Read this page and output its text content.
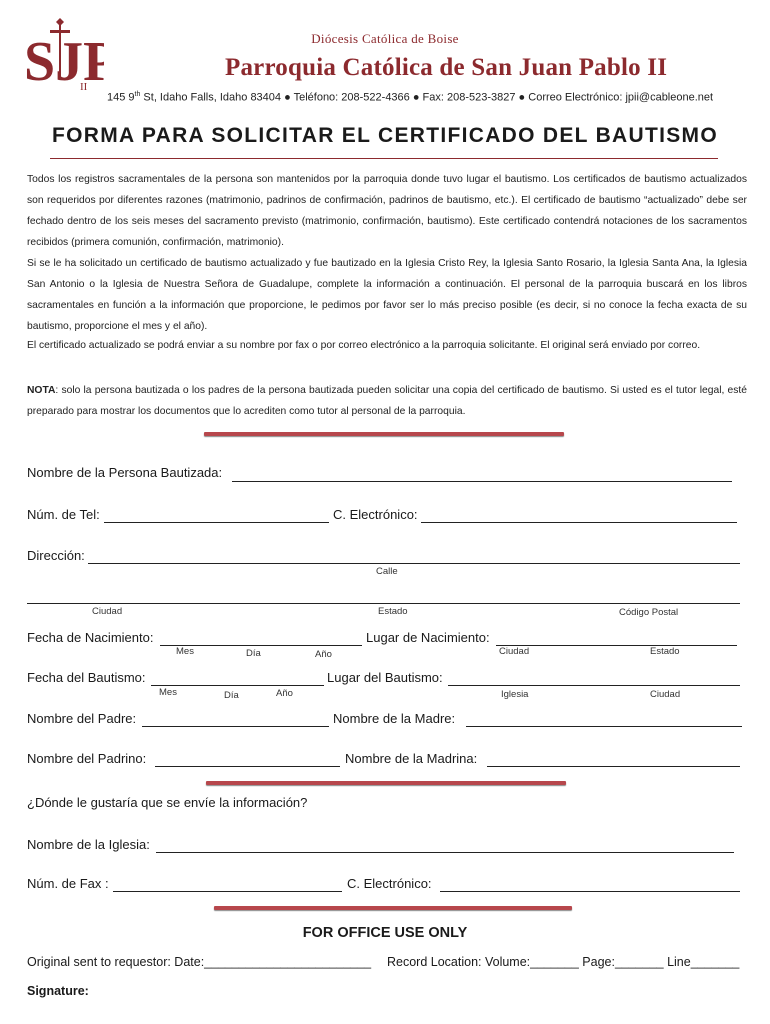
SJP
II
Diócesis Católica de Boise
Parroquia Católica de San Juan Pablo II
145 9th St, Idaho Falls, Idaho 83404 ● Teléfono: 208-522-4366 ● Fax: 208-523-3827 ● Correo Electrónico: jpii@cableone.net
FORMA PARA SOLICITAR EL CERTIFICADO DEL BAUTISMO
Todos los registros sacramentales de la persona son mantenidos por la parroquia donde tuvo lugar el bautismo. Los certificados de bautismo actualizados son requeridos por diferentes razones (matrimonio, padrinos de confirmación, padrinos de bautismo, etc.). El certificado de bautismo “actualizado” debe ser fechado dentro de los seis meses del sacramento previsto (matrimonio, confirmación, bautismo). Este certificado contendrá notaciones de los sacramentos recibidos (primera comunión, confirmación, matrimonio).
Si se le ha solicitado un certificado de bautismo actualizado y fue bautizado en la Iglesia Cristo Rey, la Iglesia Santo Rosario, la Iglesia Santa Ana, la Iglesia San Antonio o la Iglesia de Nuestra Señora de Guadalupe, complete la información a continuación. El personal de la parroquia buscará en los libros sacramentales en función a la información que proporcione, le pedimos por favor ser lo más preciso posible (es decir, si no conoce la fecha exacta de su bautismo, proporcione el mes y el año).
El certificado actualizado se podrá enviar a su nombre por fax o por correo electrónico a la parroquia solicitante. El original será enviado por correo.
NOTA: solo la persona bautizada o los padres de la persona bautizada pueden solicitar una copia del certificado de bautismo. Si usted es el tutor legal, esté preparado para mostrar los documentos que lo acrediten como tutor al personal de la parroquia.
Nombre de la Persona Bautizada:
Núm. de Tel:	C. Electrónico:
Dirección:
Calle
Ciudad	Estado	Código Postal
Fecha de Nacimiento:
Mes	Día	Año
Lugar de Nacimiento:
Ciudad	Estado
Fecha del Bautismo:
Mes	Día	Año
Lugar del Bautismo:
Iglesia	Ciudad
Nombre del Padre:	Nombre de la Madre:
Nombre del Padrino:	Nombre de la Madrina:
¿Dónde le gustaría que se envíe la información?
Nombre de la Iglesia:
Núm. de Fax :	C. Electrónico:
FOR OFFICE USE ONLY
Original sent to requestor: Date:________________________ Record Location: Volume:_______ Page:_______ Line_______
Signature:
